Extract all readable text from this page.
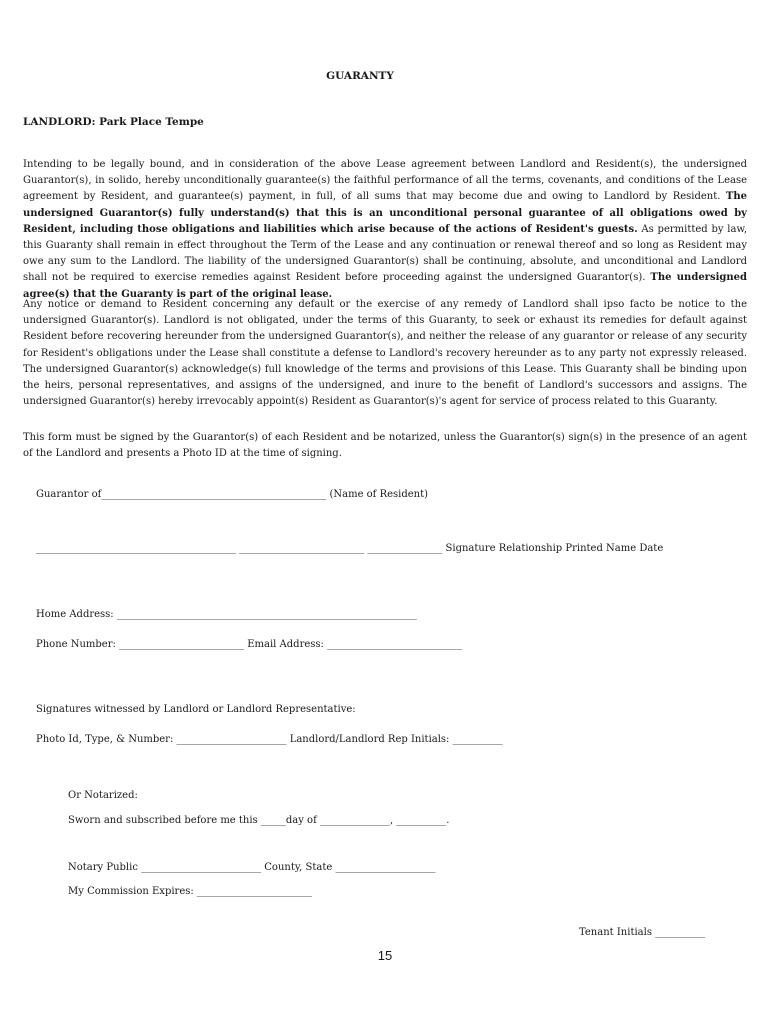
GUARANTY
LANDLORD: Park Place Tempe
Intending to be legally bound, and in consideration of the above Lease agreement between Landlord and Resident(s), the undersigned Guarantor(s), in solido, hereby unconditionally guarantee(s) the faithful performance of all the terms, covenants, and conditions of the Lease agreement by Resident, and guarantee(s) payment, in full, of all sums that may become due and owing to Landlord by Resident. The undersigned Guarantor(s) fully understand(s) that this is an unconditional personal guarantee of all obligations owed by Resident, including those obligations and liabilities which arise because of the actions of Resident's guests. As permitted by law, this Guaranty shall remain in effect throughout the Term of the Lease and any continuation or renewal thereof and so long as Resident may owe any sum to the Landlord. The liability of the undersigned Guarantor(s) shall be continuing, absolute, and unconditional and Landlord shall not be required to exercise remedies against Resident before proceeding against the undersigned Guarantor(s). The undersigned agree(s) that the Guaranty is part of the original lease.
Any notice or demand to Resident concerning any default or the exercise of any remedy of Landlord shall ipso facto be notice to the undersigned Guarantor(s). Landlord is not obligated, under the terms of this Guaranty, to seek or exhaust its remedies for default against Resident before recovering hereunder from the undersigned Guarantor(s), and neither the release of any guarantor or release of any security for Resident's obligations under the Lease shall constitute a defense to Landlord's recovery hereunder as to any party not expressly released. The undersigned Guarantor(s) acknowledge(s) full knowledge of the terms and provisions of this Lease. This Guaranty shall be binding upon the heirs, personal representatives, and assigns of the undersigned, and inure to the benefit of Landlord's successors and assigns. The undersigned Guarantor(s) hereby irrevocably appoint(s) Resident as Guarantor(s)'s agent for service of process related to this Guaranty.
This form must be signed by the Guarantor(s) of each Resident and be notarized, unless the Guarantor(s) sign(s) in the presence of an agent of the Landlord and presents a Photo ID at the time of signing.
Guarantor of_____________________________________________ (Name of Resident)
________________________________________ _________________________ _______________ Signature Relationship Printed Name Date
Home Address: ____________________________________________________________
Phone Number: _________________________ Email Address: ___________________________
Signatures witnessed by Landlord or Landlord Representative:
Photo Id, Type, & Number: ______________________ Landlord/Landlord Rep Initials: __________
Or Notarized:
Sworn and subscribed before me this _____day of ______________, __________.
Notary Public ________________________ County, State ____________________
My Commission Expires: _______________________
Tenant Initials __________
15
